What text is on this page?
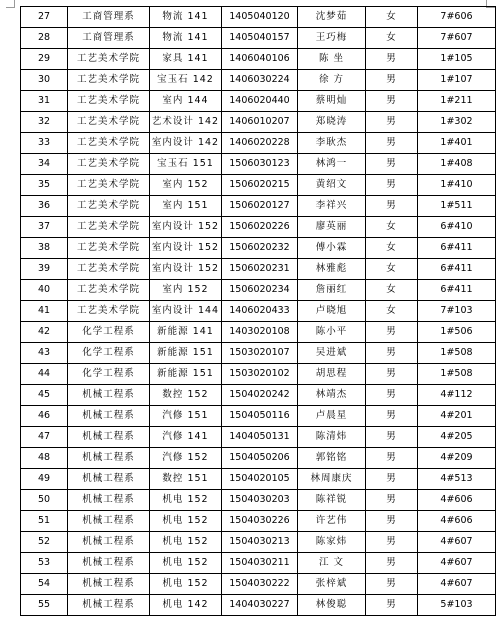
27	工商管理系	物流 141	1405040120	沈梦茹	女	7#606
28	工商管理系	物流 141	1405040157	王巧梅	女	7#607
29	工艺美术学院	家具 141	1406040106	陈 坐	男	1#105
30	工艺美术学院	宝玉石 142	1406030224	徐 方	男	1#107
31	工艺美术学院	室内 144	1406020440	蔡明灿	男	1#211
32	工艺美术学院	艺术设计 142	1406010207	郑晓涛	男	1#302
33	工艺美术学院	室内设计 142	1406020228	李耿杰	男	1#401
34	工艺美术学院	宝玉石 151	1506030123	林鸿一	男	1#408
35	工艺美术学院	室内 152	1506020215	黄绍文	男	1#410
36	工艺美术学院	室内 151	1506020127	李祥兴	男	1#511
37	工艺美术学院	室内设计 152	1506020226	廖英丽	女	6#410
38	工艺美术学院	室内设计 152	1506020232	傅小霖	女	6#411
39	工艺美术学院	室内设计 152	1506020231	林雅彪	女	6#411
40	工艺美术学院	室内 152	1506020234	詹丽红	女	6#411
41	工艺美术学院	室内设计 144	1406020433	卢晓旭	女	7#103
42	化学工程系	新能源 141	1403020108	陈小平	男	1#506
43	化学工程系	新能源 151	1503020107	吴进斌	男	1#508
44	化学工程系	新能源 151	1503020102	胡思程	男	1#508
45	机械工程系	数控 152	1504020242	林靖杰	男	4#112
46	机械工程系	汽修 151	1504050116	卢晨星	男	4#201
47	机械工程系	汽修 141	1404050131	陈清炜	男	4#205
48	机械工程系	汽修 152	1504050206	郭铭铭	男	4#209
49	机械工程系	数控 151	1504020105	林周康庆	男	4#513
50	机械工程系	机电 152	1504030203	陈祥锐	男	4#606
51	机械工程系	机电 152	1504030226	许艺伟	男	4#606
52	机械工程系	机电 152	1504030213	陈家炜	男	4#607
53	机械工程系	机电 152	1504030211	江 文	男	4#607
54	机械工程系	机电 152	1504030222	张梓斌	男	4#607
55	机械工程系	机电 142	1404030227	林俊聪	男	5#103
